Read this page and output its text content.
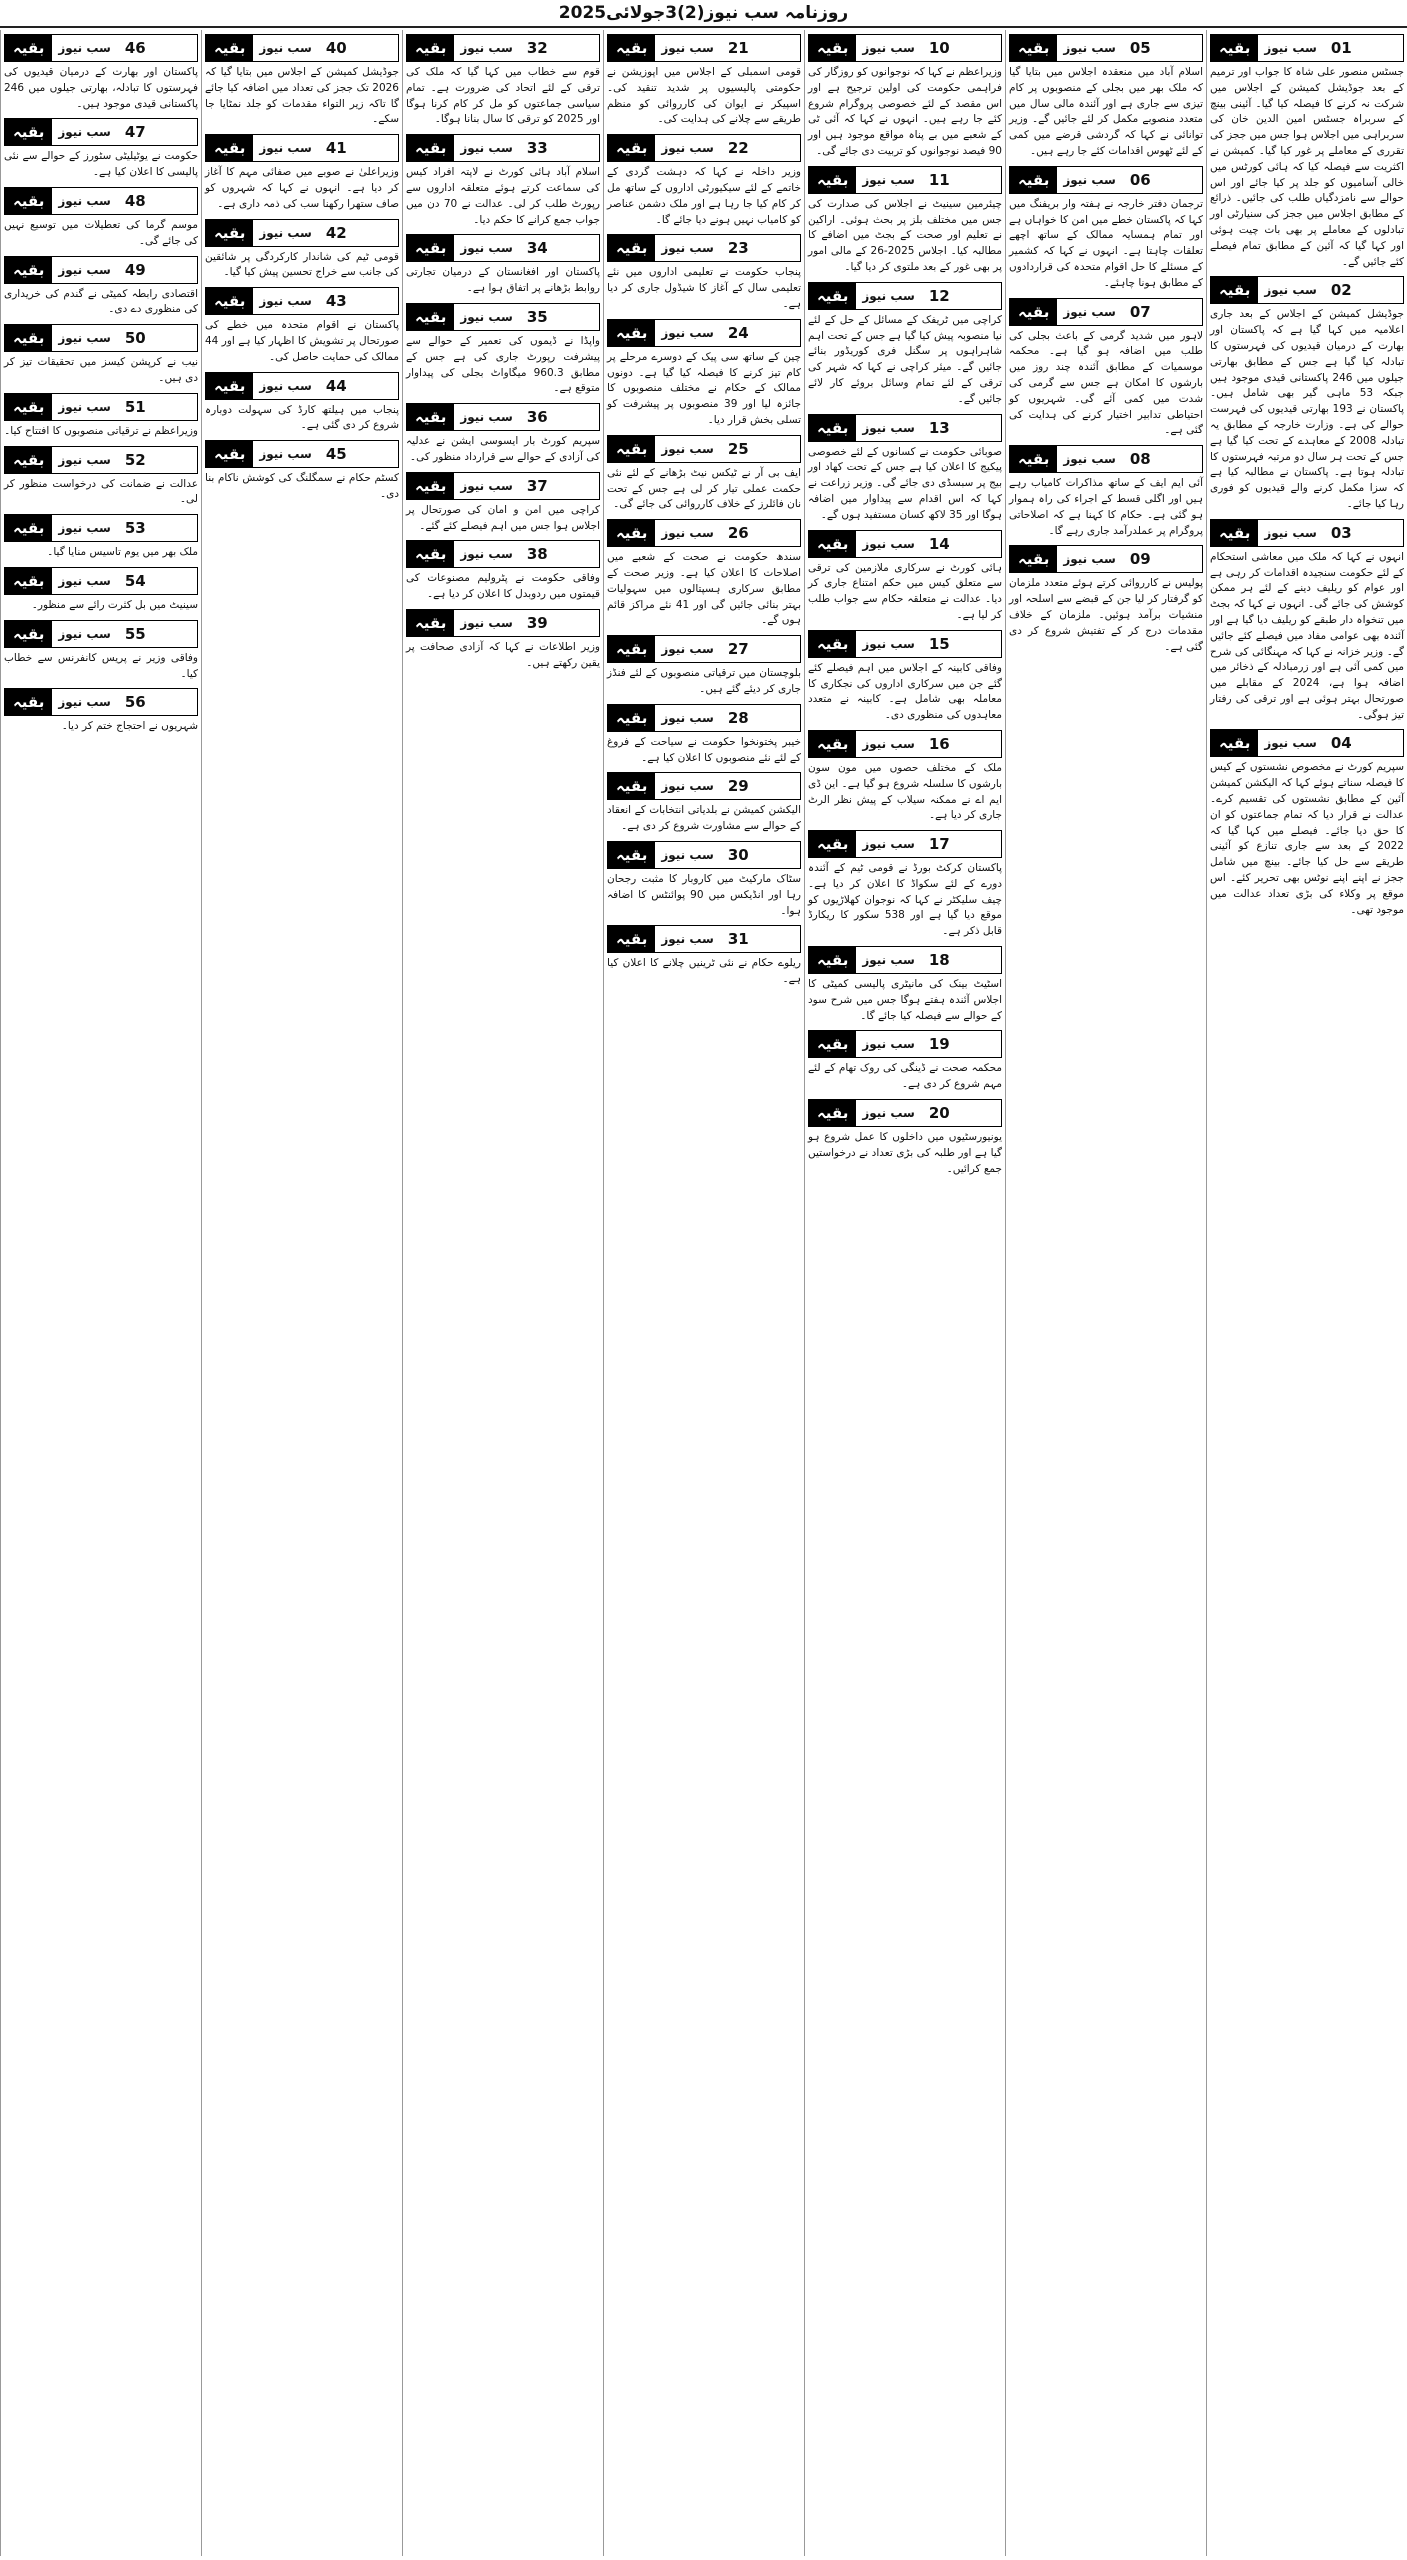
روزنامہ سب نیوز(2)3جولائی2025
بقیہ	سب نیوز 01

جسٹس منصور علی شاہ کا جواب اور ترمیم کے بعد جوڈیشل کمیشن کے اجلاس میں شرکت نہ کرنے کا فیصلہ کیا گیا۔ آئینی بینچ کے سربراہ جسٹس امین الدین خان کی سربراہی میں اجلاس ہوا جس میں ججز کی تقرری کے معاملے پر غور کیا گیا۔ کمیشن نے اکثریت سے فیصلہ کیا کہ ہائی کورٹس میں خالی آسامیوں کو جلد پر کیا جائے اور اس حوالے سے نامزدگیاں طلب کی جائیں۔ ذرائع کے مطابق اجلاس میں ججز کی سنیارٹی اور تبادلوں کے معاملے پر بھی بات چیت ہوئی اور کہا گیا کہ آئین کے مطابق تمام فیصلے کئے جائیں گے۔

بقیہ	سب نیوز 02

جوڈیشل کمیشن کے اجلاس کے بعد جاری اعلامیہ میں کہا گیا ہے کہ پاکستان اور بھارت کے درمیان قیدیوں کی فہرستوں کا تبادلہ کیا گیا ہے جس کے مطابق بھارتی جیلوں میں 246 پاکستانی قیدی موجود ہیں جبکہ 53 ماہی گیر بھی شامل ہیں۔ پاکستان نے 193 بھارتی قیدیوں کی فہرست حوالے کی ہے۔ وزارت خارجہ کے مطابق یہ تبادلہ 2008 کے معاہدے کے تحت کیا گیا ہے جس کے تحت ہر سال دو مرتبہ فہرستوں کا تبادلہ ہوتا ہے۔ پاکستان نے مطالبہ کیا ہے کہ سزا مکمل کرنے والے قیدیوں کو فوری رہا کیا جائے۔

بقیہ	سب نیوز 03

انہوں نے کہا کہ ملک میں معاشی استحکام کے لئے حکومت سنجیدہ اقدامات کر رہی ہے اور عوام کو ریلیف دینے کے لئے ہر ممکن کوشش کی جائے گی۔ انہوں نے کہا کہ بجٹ میں تنخواہ دار طبقے کو ریلیف دیا گیا ہے اور آئندہ بھی عوامی مفاد میں فیصلے کئے جائیں گے۔ وزیر خزانہ نے کہا کہ مہنگائی کی شرح میں کمی آئی ہے اور زرمبادلہ کے ذخائر میں اضافہ ہوا ہے، 2024 کے مقابلے میں صورتحال بہتر ہوئی ہے اور ترقی کی رفتار تیز ہوگی۔

بقیہ	سب نیوز 04

سپریم کورٹ نے مخصوص نشستوں کے کیس کا فیصلہ سناتے ہوئے کہا کہ الیکشن کمیشن آئین کے مطابق نشستوں کی تقسیم کرے۔ عدالت نے قرار دیا کہ تمام جماعتوں کو ان کا حق دیا جائے۔ فیصلے میں کہا گیا کہ 2022 کے بعد سے جاری تنازع کو آئینی طریقے سے حل کیا جائے۔ بینچ میں شامل ججز نے اپنے اپنے نوٹس بھی تحریر کئے۔ اس موقع پر وکلاء کی بڑی تعداد عدالت میں موجود تھی۔

بقیہ	سب نیوز 05

اسلام آباد میں منعقدہ اجلاس میں بتایا گیا کہ ملک بھر میں بجلی کے منصوبوں پر کام تیزی سے جاری ہے اور آئندہ مالی سال میں متعدد منصوبے مکمل کر لئے جائیں گے۔ وزیر توانائی نے کہا کہ گردشی قرضے میں کمی کے لئے ٹھوس اقدامات کئے جا رہے ہیں۔

بقیہ	سب نیوز 06

ترجمان دفتر خارجہ نے ہفتہ وار بریفنگ میں کہا کہ پاکستان خطے میں امن کا خواہاں ہے اور تمام ہمسایہ ممالک کے ساتھ اچھے تعلقات چاہتا ہے۔ انہوں نے کہا کہ کشمیر کے مسئلے کا حل اقوام متحدہ کی قراردادوں کے مطابق ہونا چاہئے۔

بقیہ	سب نیوز 07

لاہور میں شدید گرمی کے باعث بجلی کی طلب میں اضافہ ہو گیا ہے۔ محکمہ موسمیات کے مطابق آئندہ چند روز میں بارشوں کا امکان ہے جس سے گرمی کی شدت میں کمی آئے گی۔ شہریوں کو احتیاطی تدابیر اختیار کرنے کی ہدایت کی گئی ہے۔

بقیہ	سب نیوز 08

آئی ایم ایف کے ساتھ مذاکرات کامیاب رہے ہیں اور اگلی قسط کے اجراء کی راہ ہموار ہو گئی ہے۔ حکام کا کہنا ہے کہ اصلاحاتی پروگرام پر عملدرآمد جاری رہے گا۔

بقیہ	سب نیوز 09

پولیس نے کارروائی کرتے ہوئے متعدد ملزمان کو گرفتار کر لیا جن کے قبضے سے اسلحہ اور منشیات برآمد ہوئیں۔ ملزمان کے خلاف مقدمات درج کر کے تفتیش شروع کر دی گئی ہے۔

بقیہ	سب نیوز 10

وزیراعظم نے کہا کہ نوجوانوں کو روزگار کی فراہمی حکومت کی اولین ترجیح ہے اور اس مقصد کے لئے خصوصی پروگرام شروع کئے جا رہے ہیں۔ انہوں نے کہا کہ آئی ٹی کے شعبے میں بے پناہ مواقع موجود ہیں اور 90 فیصد نوجوانوں کو تربیت دی جائے گی۔

بقیہ	سب نیوز 11

چیئرمین سینیٹ نے اجلاس کی صدارت کی جس میں مختلف بلز پر بحث ہوئی۔ اراکین نے تعلیم اور صحت کے بجٹ میں اضافے کا مطالبہ کیا۔ اجلاس 2025-26 کے مالی امور پر بھی غور کے بعد ملتوی کر دیا گیا۔

بقیہ	سب نیوز 12

کراچی میں ٹریفک کے مسائل کے حل کے لئے نیا منصوبہ پیش کیا گیا ہے جس کے تحت اہم شاہراہوں پر سگنل فری کوریڈور بنائے جائیں گے۔ میئر کراچی نے کہا کہ شہر کی ترقی کے لئے تمام وسائل بروئے کار لائے جائیں گے۔

بقیہ	سب نیوز 13

صوبائی حکومت نے کسانوں کے لئے خصوصی پیکیج کا اعلان کیا ہے جس کے تحت کھاد اور بیج پر سبسڈی دی جائے گی۔ وزیر زراعت نے کہا کہ اس اقدام سے پیداوار میں اضافہ ہوگا اور 35 لاکھ کسان مستفید ہوں گے۔

بقیہ	سب نیوز 14

ہائی کورٹ نے سرکاری ملازمین کی ترقی سے متعلق کیس میں حکم امتناع جاری کر دیا۔ عدالت نے متعلقہ حکام سے جواب طلب کر لیا ہے۔

بقیہ	سب نیوز 15

وفاقی کابینہ کے اجلاس میں اہم فیصلے کئے گئے جن میں سرکاری اداروں کی نجکاری کا معاملہ بھی شامل ہے۔ کابینہ نے متعدد معاہدوں کی منظوری دی۔

بقیہ	سب نیوز 16

ملک کے مختلف حصوں میں مون سون بارشوں کا سلسلہ شروع ہو گیا ہے۔ این ڈی ایم اے نے ممکنہ سیلاب کے پیش نظر الرٹ جاری کر دیا ہے۔

بقیہ	سب نیوز 17

پاکستان کرکٹ بورڈ نے قومی ٹیم کے آئندہ دورے کے لئے سکواڈ کا اعلان کر دیا ہے۔ چیف سلیکٹر نے کہا کہ نوجوان کھلاڑیوں کو موقع دیا گیا ہے اور 538 سکور کا ریکارڈ قابل ذکر ہے۔

بقیہ	سب نیوز 18

اسٹیٹ بینک کی مانیٹری پالیسی کمیٹی کا اجلاس آئندہ ہفتے ہوگا جس میں شرح سود کے حوالے سے فیصلہ کیا جائے گا۔

بقیہ	سب نیوز 19

محکمہ صحت نے ڈینگی کی روک تھام کے لئے مہم شروع کر دی ہے۔

بقیہ	سب نیوز 20

یونیورسٹیوں میں داخلوں کا عمل شروع ہو گیا ہے اور طلبہ کی بڑی تعداد نے درخواستیں جمع کرائیں۔

بقیہ	سب نیوز 21

قومی اسمبلی کے اجلاس میں اپوزیشن نے حکومتی پالیسیوں پر شدید تنقید کی۔ اسپیکر نے ایوان کی کارروائی کو منظم طریقے سے چلانے کی ہدایت کی۔

بقیہ	سب نیوز 22

وزیر داخلہ نے کہا کہ دہشت گردی کے خاتمے کے لئے سیکیورٹی اداروں کے ساتھ مل کر کام کیا جا رہا ہے اور ملک دشمن عناصر کو کامیاب نہیں ہونے دیا جائے گا۔

بقیہ	سب نیوز 23

پنجاب حکومت نے تعلیمی اداروں میں نئے تعلیمی سال کے آغاز کا شیڈول جاری کر دیا ہے۔

بقیہ	سب نیوز 24

چین کے ساتھ سی پیک کے دوسرے مرحلے پر کام تیز کرنے کا فیصلہ کیا گیا ہے۔ دونوں ممالک کے حکام نے مختلف منصوبوں کا جائزہ لیا اور 39 منصوبوں پر پیشرفت کو تسلی بخش قرار دیا۔

بقیہ	سب نیوز 25

ایف بی آر نے ٹیکس نیٹ بڑھانے کے لئے نئی حکمت عملی تیار کر لی ہے جس کے تحت نان فائلرز کے خلاف کارروائی کی جائے گی۔

بقیہ	سب نیوز 26

سندھ حکومت نے صحت کے شعبے میں اصلاحات کا اعلان کیا ہے۔ وزیر صحت کے مطابق سرکاری ہسپتالوں میں سہولیات بہتر بنائی جائیں گی اور 41 نئے مراکز قائم ہوں گے۔

بقیہ	سب نیوز 27

بلوچستان میں ترقیاتی منصوبوں کے لئے فنڈز جاری کر دیئے گئے ہیں۔

بقیہ	سب نیوز 28

خیبر پختونخوا حکومت نے سیاحت کے فروغ کے لئے نئے منصوبوں کا اعلان کیا ہے۔

بقیہ	سب نیوز 29

الیکشن کمیشن نے بلدیاتی انتخابات کے انعقاد کے حوالے سے مشاورت شروع کر دی ہے۔

بقیہ	سب نیوز 30

سٹاک مارکیٹ میں کاروبار کا مثبت رجحان رہا اور انڈیکس میں 90 پوائنٹس کا اضافہ ہوا۔

بقیہ	سب نیوز 31

ریلوے حکام نے نئی ٹرینیں چلانے کا اعلان کیا ہے۔

بقیہ	سب نیوز 32

قوم سے خطاب میں کہا گیا کہ ملک کی ترقی کے لئے اتحاد کی ضرورت ہے۔ تمام سیاسی جماعتوں کو مل کر کام کرنا ہوگا اور 2025 کو ترقی کا سال بنانا ہوگا۔

بقیہ	سب نیوز 33

اسلام آباد ہائی کورٹ نے لاپتہ افراد کیس کی سماعت کرتے ہوئے متعلقہ اداروں سے رپورٹ طلب کر لی۔ عدالت نے 70 دن میں جواب جمع کرانے کا حکم دیا۔

بقیہ	سب نیوز 34

پاکستان اور افغانستان کے درمیان تجارتی روابط بڑھانے پر اتفاق ہوا ہے۔

بقیہ	سب نیوز 35

واپڈا نے ڈیموں کی تعمیر کے حوالے سے پیشرفت رپورٹ جاری کی ہے جس کے مطابق 960.3 میگاواٹ بجلی کی پیداوار متوقع ہے۔

بقیہ	سب نیوز 36

سپریم کورٹ بار ایسوسی ایشن نے عدلیہ کی آزادی کے حوالے سے قرارداد منظور کی۔

بقیہ	سب نیوز 37

کراچی میں امن و امان کی صورتحال پر اجلاس ہوا جس میں اہم فیصلے کئے گئے۔

بقیہ	سب نیوز 38

وفاقی حکومت نے پٹرولیم مصنوعات کی قیمتوں میں ردوبدل کا اعلان کر دیا ہے۔

بقیہ	سب نیوز 39

وزیر اطلاعات نے کہا کہ آزادی صحافت پر یقین رکھتے ہیں۔

بقیہ	سب نیوز 40

جوڈیشل کمیشن کے اجلاس میں بتایا گیا کہ 2026 تک ججز کی تعداد میں اضافہ کیا جائے گا تاکہ زیر التواء مقدمات کو جلد نمٹایا جا سکے۔

بقیہ	سب نیوز 41

وزیراعلیٰ نے صوبے میں صفائی مہم کا آغاز کر دیا ہے۔ انہوں نے کہا کہ شہروں کو صاف ستھرا رکھنا سب کی ذمہ داری ہے۔

بقیہ	سب نیوز 42

قومی ٹیم کی شاندار کارکردگی پر شائقین کی جانب سے خراج تحسین پیش کیا گیا۔

بقیہ	سب نیوز 43

پاکستان نے اقوام متحدہ میں خطے کی صورتحال پر تشویش کا اظہار کیا ہے اور 44 ممالک کی حمایت حاصل کی۔

بقیہ	سب نیوز 44

پنجاب میں ہیلتھ کارڈ کی سہولت دوبارہ شروع کر دی گئی ہے۔

بقیہ	سب نیوز 45

کسٹم حکام نے سمگلنگ کی کوشش ناکام بنا دی۔

بقیہ	سب نیوز 46

پاکستان اور بھارت کے درمیان قیدیوں کی فہرستوں کا تبادلہ، بھارتی جیلوں میں 246 پاکستانی قیدی موجود ہیں۔

بقیہ	سب نیوز 47

حکومت نے یوٹیلیٹی سٹورز کے حوالے سے نئی پالیسی کا اعلان کیا ہے۔

بقیہ	سب نیوز 48

موسم گرما کی تعطیلات میں توسیع نہیں کی جائے گی۔

بقیہ	سب نیوز 49

اقتصادی رابطہ کمیٹی نے گندم کی خریداری کی منظوری دے دی۔

بقیہ	سب نیوز 50

نیب نے کرپشن کیسز میں تحقیقات تیز کر دی ہیں۔

بقیہ	سب نیوز 51

وزیراعظم نے ترقیاتی منصوبوں کا افتتاح کیا۔

بقیہ	سب نیوز 52

عدالت نے ضمانت کی درخواست منظور کر لی۔

بقیہ	سب نیوز 53

ملک بھر میں یوم تاسیس منایا گیا۔

بقیہ	سب نیوز 54

سینیٹ میں بل کثرت رائے سے منظور۔

بقیہ	سب نیوز 55

وفاقی وزیر نے پریس کانفرنس سے خطاب کیا۔

بقیہ	سب نیوز 56

شہریوں نے احتجاج ختم کر دیا۔
